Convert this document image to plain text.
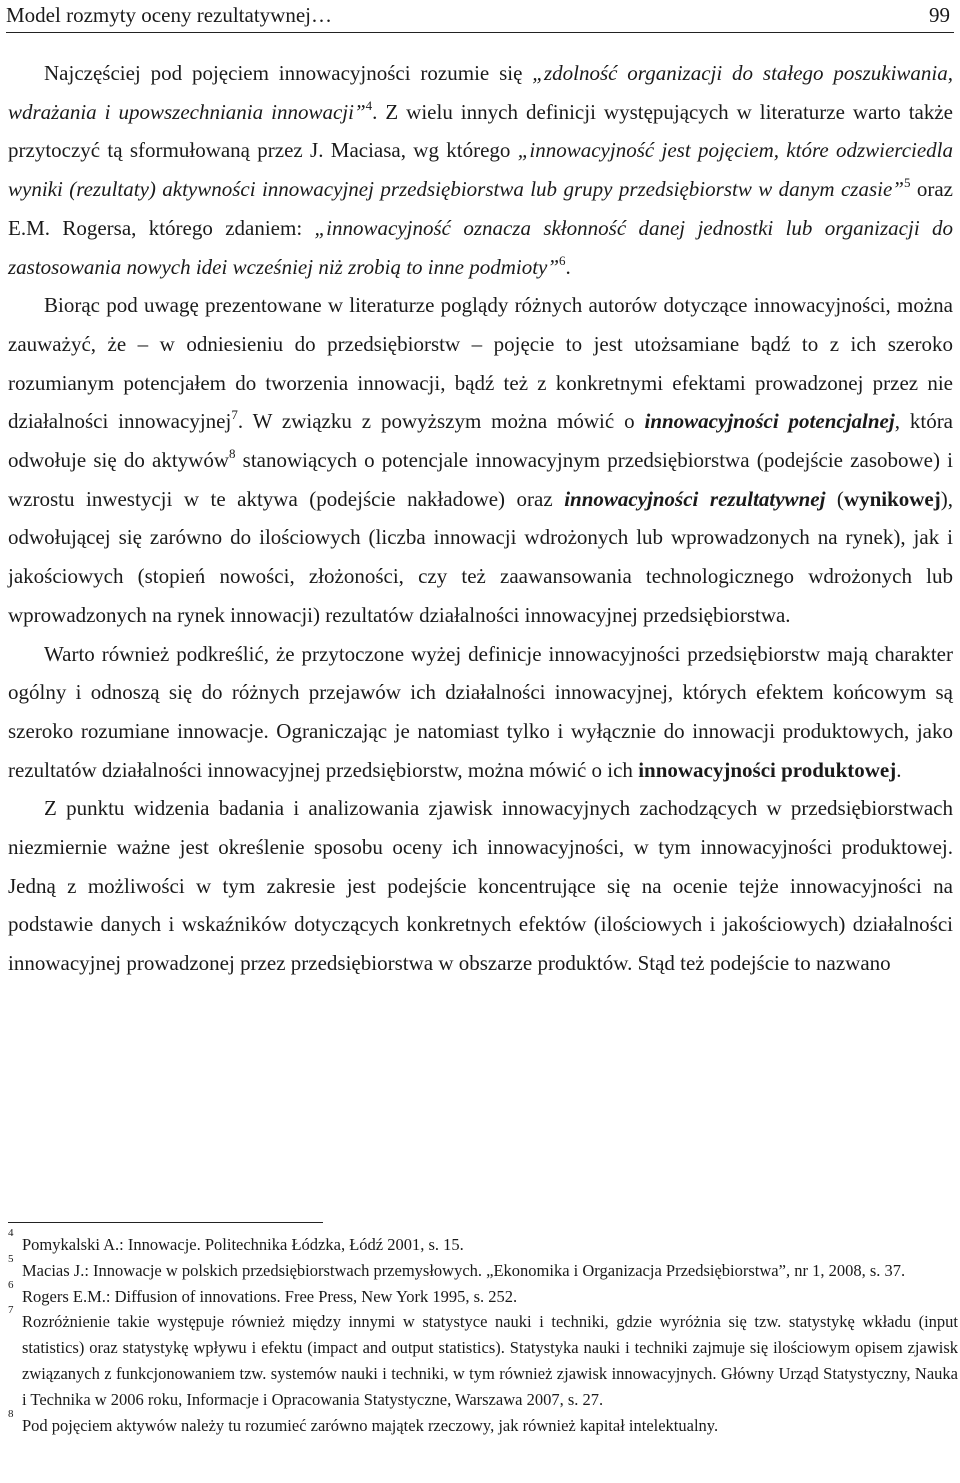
Model rozmyty oceny rezultatywnej…	99

Najczęściej pod pojęciem innowacyjności rozumie się „zdolność organizacji do stałego poszukiwania, wdrażania i upowszechniania innowacji”$^4$. Z wielu innych definicji występujących w literaturze warto także przytoczyć tą sformułowaną przez J. Maciasa, wg którego „innowacyjność jest pojęciem, które odzwierciedla wyniki (rezultaty) aktywności innowacyjnej przedsiębiorstwa lub grupy przedsiębiorstw w danym czasie”$^5$ oraz E.M. Rogersa, którego zdaniem: „innowacyjność oznacza skłonność danej jednostki lub organizacji do zastosowania nowych idei wcześniej niż zrobią to inne podmioty”$^6$.

Biorąc pod uwagę prezentowane w literaturze poglądy różnych autorów dotyczące innowacyjności, można zauważyć, że – w odniesieniu do przedsiębiorstw – pojęcie to jest utożsamiane bądź to z ich szeroko rozumianym potencjałem do tworzenia innowacji, bądź też z konkretnymi efektami prowadzonej przez nie działalności innowacyjnej$^7$. W związku z powyższym można mówić o innowacyjności potencjalnej, która odwołuje się do aktywów$^8$ stanowiących o potencjale innowacyjnym przedsiębiorstwa (podejście zasobowe) i wzrostu inwestycji w te aktywa (podejście nakładowe) oraz innowacyjności rezultatywnej (wynikowej), odwołującej się zarówno do ilościowych (liczba innowacji wdrożonych lub wprowadzonych na rynek), jak i jakościowych (stopień nowości, złożoności, czy też zaawansowania technologicznego wdrożonych lub wprowadzonych na rynek innowacji) rezultatów działalności innowacyjnej przedsiębiorstwa.

Warto również podkreślić, że przytoczone wyżej definicje innowacyjności przedsiębiorstw mają charakter ogólny i odnoszą się do różnych przejawów ich działalności innowacyjnej, których efektem końcowym są szeroko rozumiane innowacje. Ograniczając je natomiast tylko i wyłącznie do innowacji produktowych, jako rezultatów działalności innowacyjnej przedsiębiorstw, można mówić o ich innowacyjności produktowej.

Z punktu widzenia badania i analizowania zjawisk innowacyjnych zachodzących w przedsiębiorstwach niezmiernie ważne jest określenie sposobu oceny ich innowacyjności, w tym innowacyjności produktowej. Jedną z możliwości w tym zakresie jest podejście koncentrujące się na ocenie tejże innowacyjności na podstawie danych i wskaźników dotyczących konkretnych efektów (ilościowych i jakościowych) działalności innowacyjnej prowadzonej przez przedsiębiorstwa w obszarze produktów. Stąd też podejście to nazwano

4
Pomykalski A.: Innowacje. Politechnika Łódzka, Łódź 2001, s. 15.
5
Macias J.: Innowacje w polskich przedsiębiorstwach przemysłowych. „Ekonomika i Organizacja Przedsiębiorstwa”, nr 1, 2008, s. 37.
6
Rogers E.M.: Diffusion of innovations. Free Press, New York 1995, s. 252.
7
Rozróżnienie takie występuje również między innymi w statystyce nauki i techniki, gdzie wyróżnia się tzw. statystykę wkładu (input statistics) oraz statystykę wpływu i efektu (impact and output statistics). Statystyka nauki i techniki zajmuje się ilościowym opisem zjawisk związanych z funkcjonowaniem tzw. systemów nauki i techniki, w tym również zjawisk innowacyjnych. Główny Urząd Statystyczny, Nauka i Technika w 2006 roku, Informacje i Opracowania Statystyczne, Warszawa 2007, s. 27.
8
Pod pojęciem aktywów należy tu rozumieć zarówno majątek rzeczowy, jak również kapitał intelektualny.
